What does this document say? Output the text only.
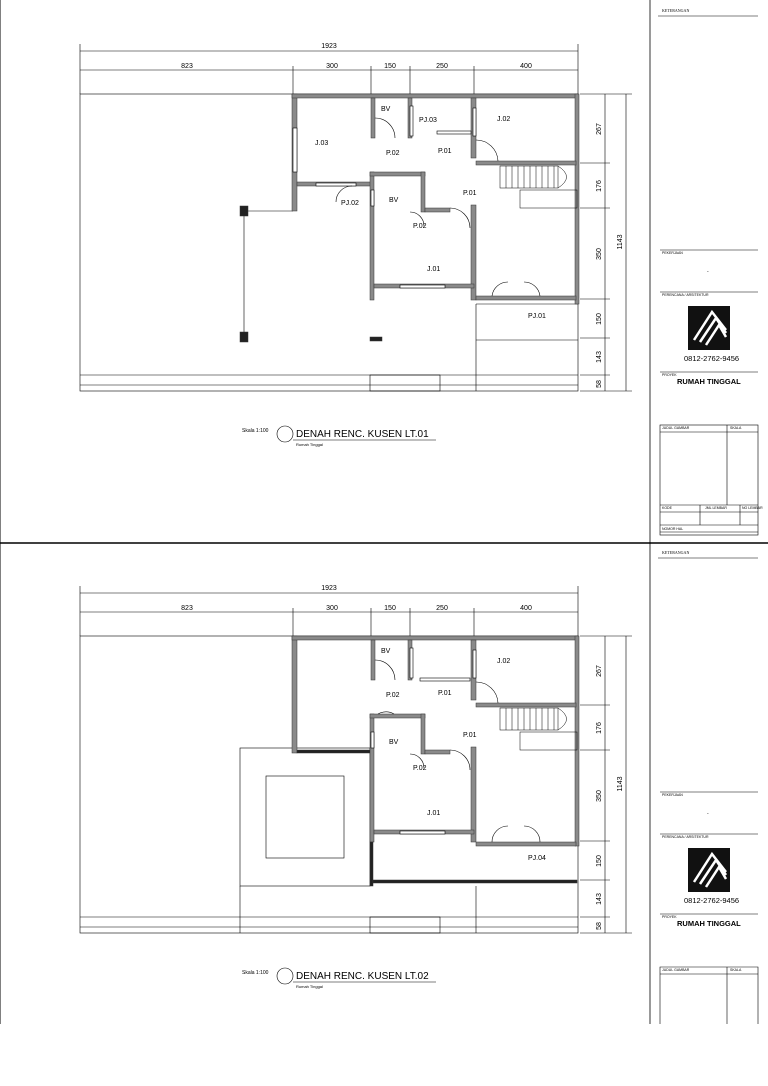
KETERANGAN
1923
823	300	150	250	400
267
176
350
150
143
58
1143
BV
PJ.03	J.02
J.03
P.02	P.01
PJ.02	BV
P.01
P.02
J.01
PJ.01
Skala 1:100	DENAH RENC. KUSEN LT.01
Rumah Tinggal
PEKERJAAN
-
PERENCANA / ARSITEKTUR
PROYEK
JUDUL GAMBAR	SKALA
KODE	JML LEMBAR	NO LEMBAR
NOMOR HAL
0812-2762-9456
RUMAH TINGGAL
KETERANGAN
1923
823	300	150	250	400
267
176
350
150
143
58
1143
BV
J.02
P.02	P.01
BV
P.01
P.02
J.01
PJ.04
Skala 1:100	DENAH RENC. KUSEN LT.02
Rumah Tinggal
PEKERJAAN
-
PERENCANA / ARSITEKTUR
PROYEK
JUDUL GAMBAR	SKALA
0812-2762-9456
RUMAH TINGGAL
